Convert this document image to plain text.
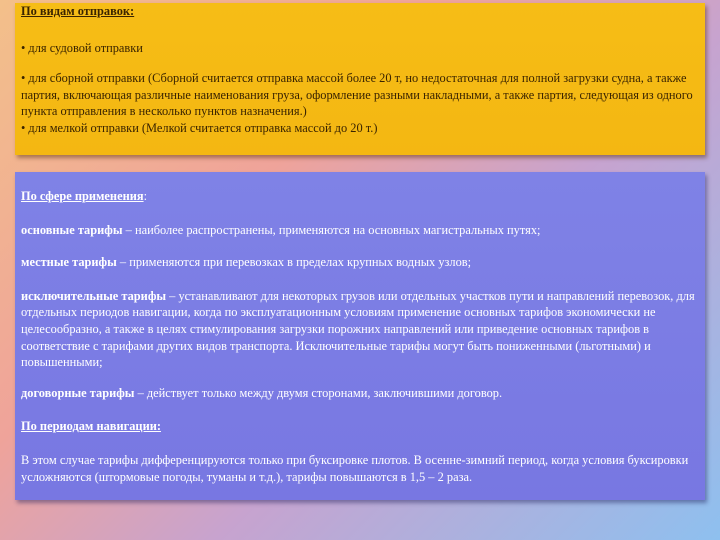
По видам отправок:

• для судовой отправки

• для сборной отправки (Сборной считается отправка массой более 20 т, но недостаточная для полной загрузки судна, а также партия, включающая различные наименования груза, оформление разными накладными, а также партия, следующая из одного пункта отправления в несколько пунктов назначения.)

• для мелкой отправки (Мелкой считается отправка массой до 20 т.)

По сфере применения:

основные тарифы – наиболее распространены, применяются на основных магистральных путях;

местные тарифы – применяются при перевозках в пределах крупных водных узлов;

исключительные тарифы – устанавливают для некоторых грузов или отдельных участков пути и направлений перевозок, для отдельных периодов навигации, когда по эксплуатационным условиям применение основных тарифов экономически не целесообразно, а также в целях стимулирования загрузки порожних направлений или приведение основных тарифов в соответствие с тарифами других видов транспорта. Исключительные тарифы могут быть пониженными (льготными) и повышенными;

договорные тарифы – действует только между двумя сторонами, заключившими договор.

По периодам навигации:

В этом случае тарифы дифференцируются только при буксировке плотов. В осенне-зимний период, когда условия буксировки усложняются (штормовые погоды, туманы и т.д.), тарифы повышаются в 1,5 – 2 раза.
